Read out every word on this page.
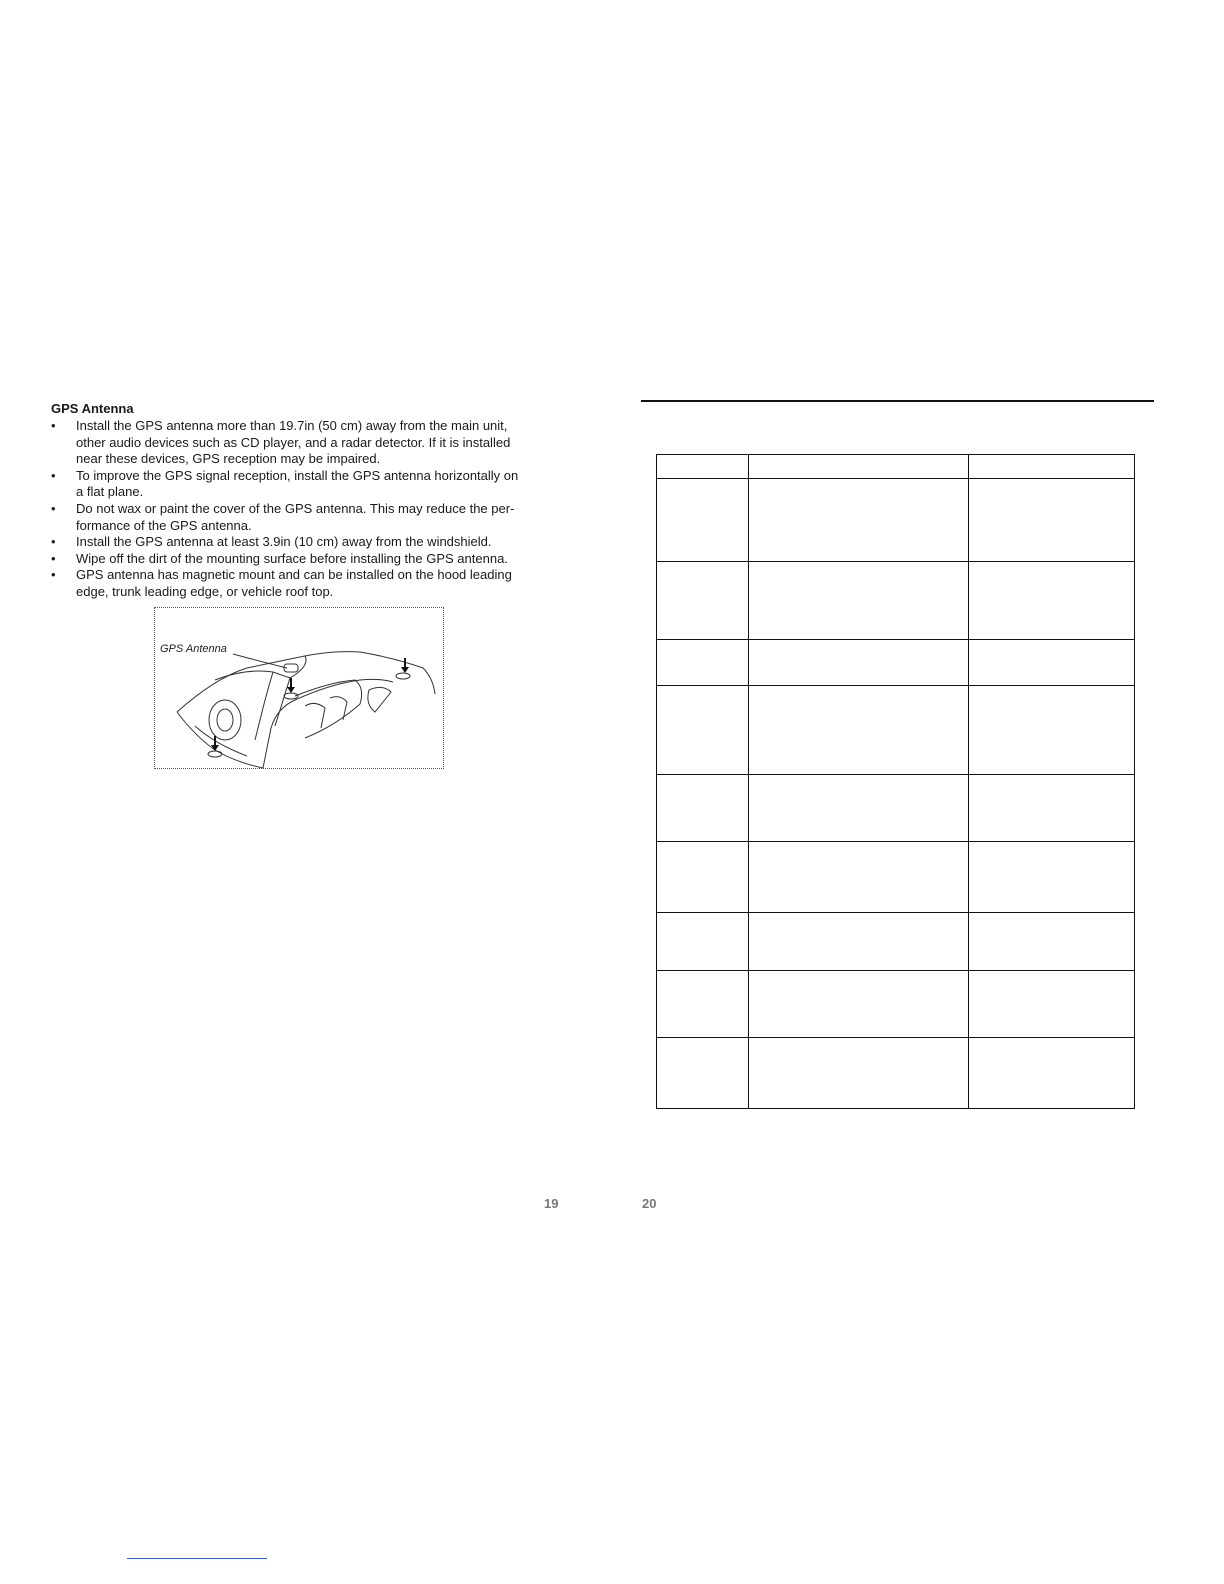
GPS Antenna
•	Install the GPS antenna more than 19.7in (50 cm) away from the main unit,
other audio devices such as CD player, and a radar detector. If it is installed
near these devices, GPS reception may be impaired.
•	To improve the GPS signal reception, install the GPS antenna horizontally on
a flat plane.
•	Do not wax or paint the cover of the GPS antenna. This may reduce the per-
formance of the GPS antenna.
•	Install the GPS antenna at least 3.9in (10 cm) away from the windshield.
•	Wipe off the dirt of the mounting surface before installing the GPS antenna.
•	GPS antenna has magnetic mount and can be installed on the hood leading
edge, trunk leading edge, or vehicle roof top.
GPS Antenna
19

			20
